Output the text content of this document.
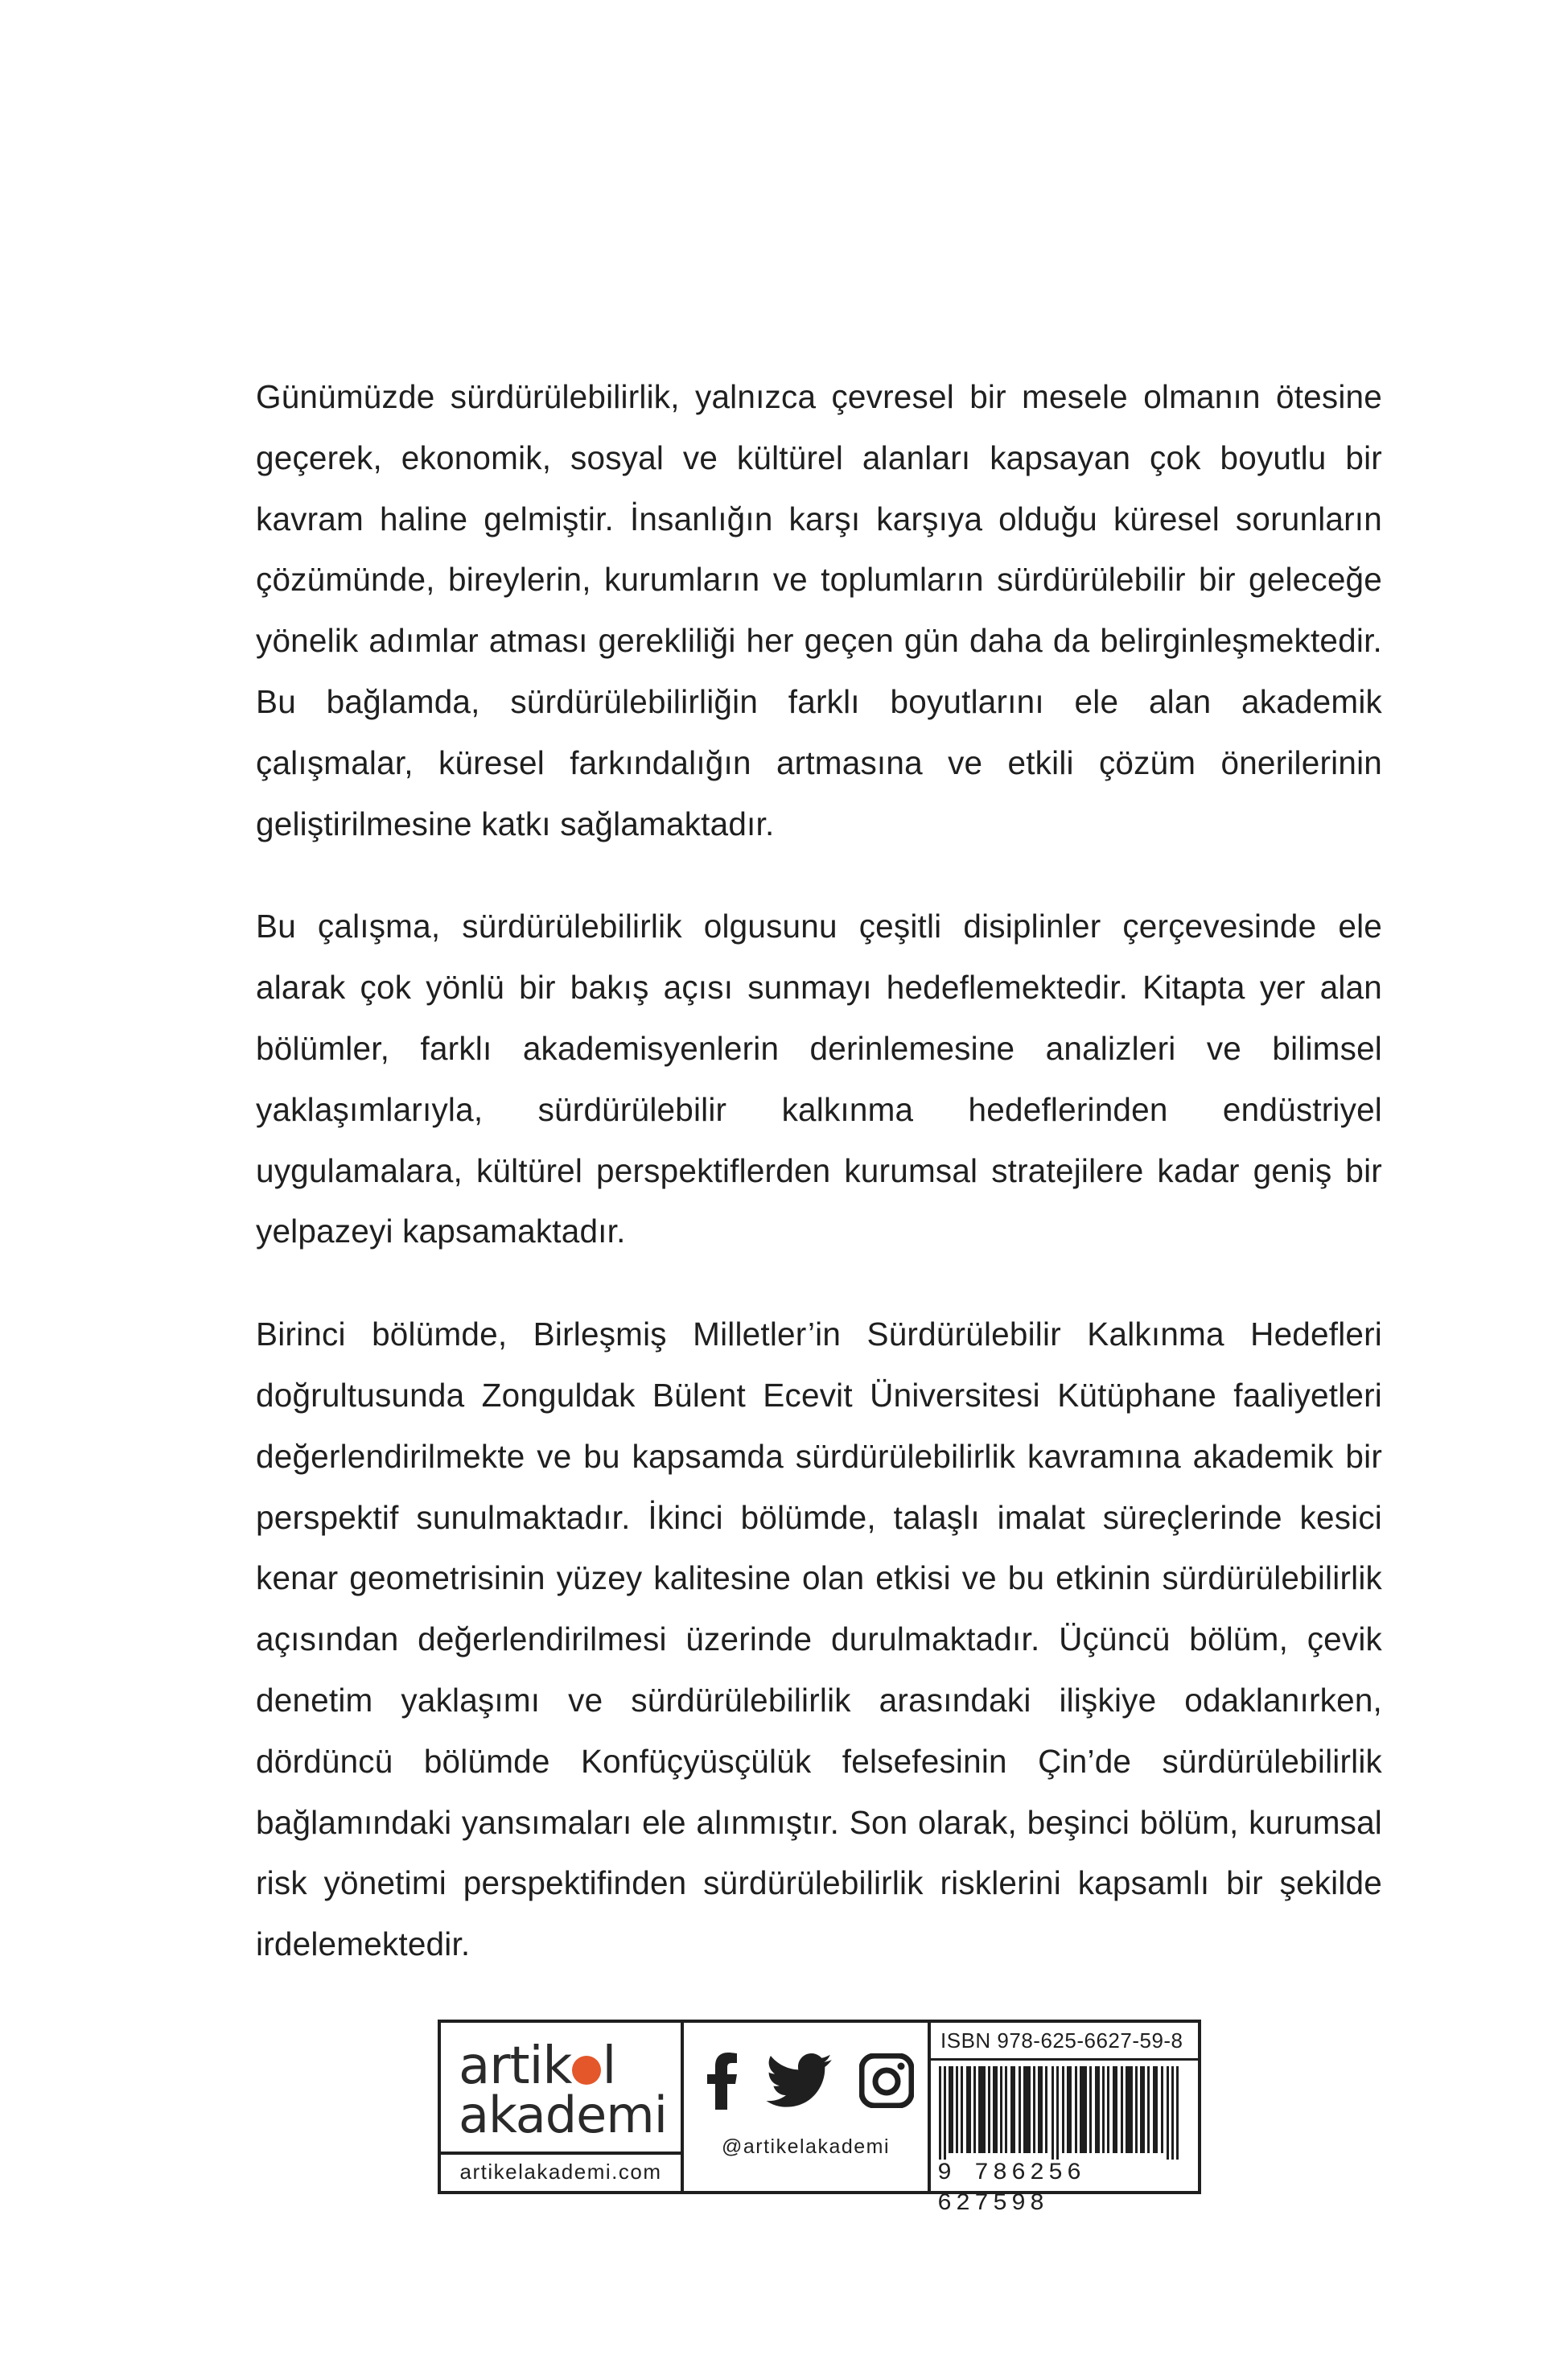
Günümüzde sürdürülebilirlik, yalnızca çevresel bir mesele olmanın ötesine geçerek, ekonomik, sosyal ve kültürel alanları kapsayan çok boyutlu bir kavram haline gelmiştir. İnsanlığın karşı karşıya olduğu küresel sorunların çözümünde, bireylerin, kurumların ve toplumların sürdürülebilir bir geleceğe yönelik adımlar atması gerekliliği her geçen gün daha da belirginleşmektedir. Bu bağlamda, sürdürülebilirliğin farklı boyutlarını ele alan akademik çalışmalar, küresel farkındalığın artmasına ve etkili çözüm önerilerinin geliştirilmesine katkı sağlamaktadır.

Bu çalışma, sürdürülebilirlik olgusunu çeşitli disiplinler çerçevesinde ele alarak çok yönlü bir bakış açısı sunmayı hedeflemektedir. Kitapta yer alan bölümler, farklı akademisyenlerin derinlemesine analizleri ve bilimsel yaklaşımlarıyla, sürdürülebilir kalkınma hedeflerinden endüstriyel uygulamalara, kültürel perspektiflerden kurumsal stratejilere kadar geniş bir yelpazeyi kapsamaktadır.

Birinci bölümde, Birleşmiş Milletler’in Sürdürülebilir Kalkınma Hedefleri doğrultusunda Zonguldak Bülent Ecevit Üniversitesi Kütüphane faaliyetleri değerlendirilmekte ve bu kapsamda sürdürülebilirlik kavramına akademik bir perspektif sunulmaktadır. İkinci bölümde, talaşlı imalat süreçlerinde kesici kenar geometrisinin yüzey kalitesine olan etkisi ve bu etkinin sürdürülebilirlik açısından değerlendirilmesi üzerinde durulmaktadır. Üçüncü bölüm, çevik denetim yaklaşımı ve sürdürülebilirlik arasındaki ilişkiye odaklanırken, dördüncü bölümde Konfüçyüsçülük felsefesinin Çin’de sürdürülebilirlik bağlamındaki yansımaları ele alınmıştır. Son olarak, beşinci bölüm, kurumsal risk yönetimi perspektifinden sürdürülebilirlik risklerini kapsamlı bir şekilde irdelemektedir.

artik l
akademi
artikelakademi.com
@artikelakademi
ISBN 978-625-6627-59-8
9 786256 627598
